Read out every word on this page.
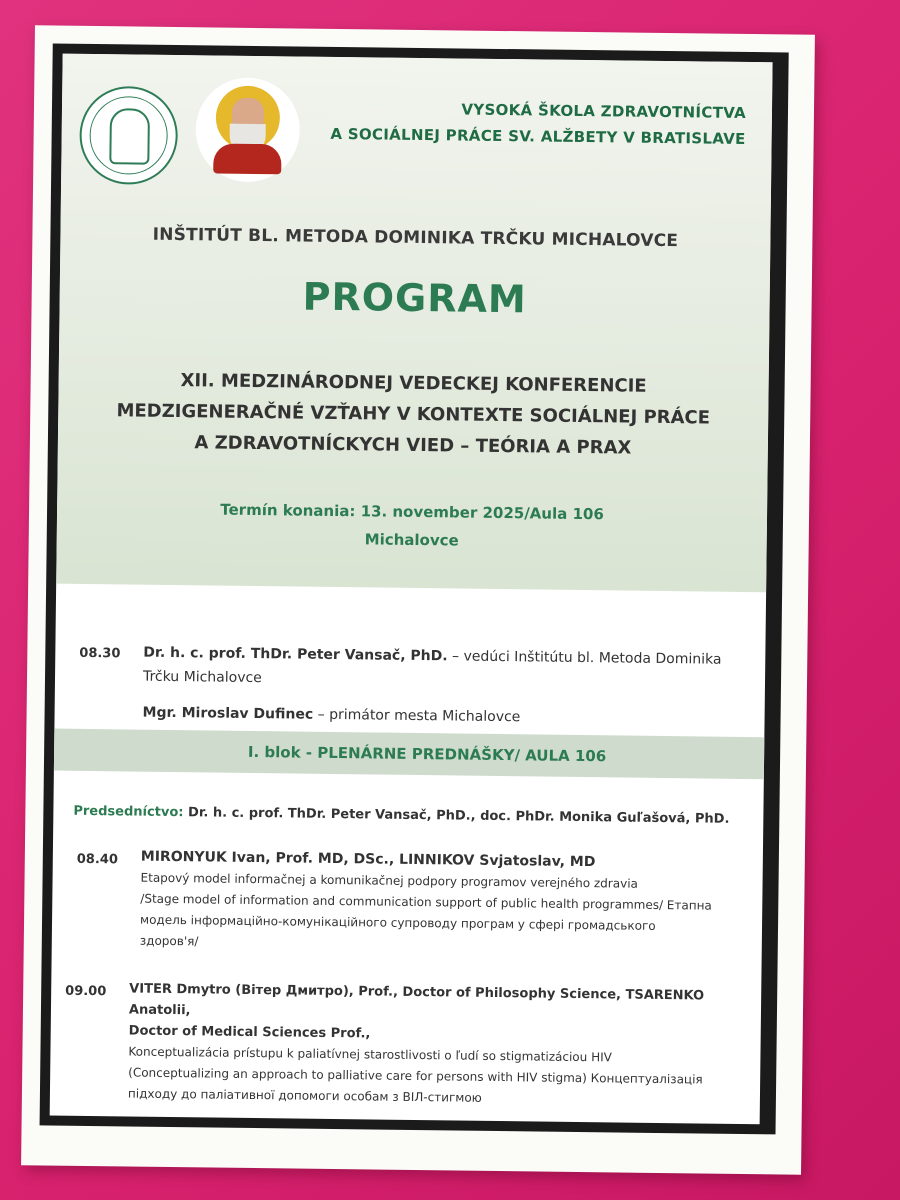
VYSOKÁ ŠKOLA ZDRAVOTNÍCTVA
A SOCIÁLNEJ PRÁCE SV. ALŽBETY V BRATISLAVE
INŠTITÚT BL. METODA DOMINIKA TRČKU MICHALOVCE
PROGRAM
XII. MEDZINÁRODNEJ VEDECKEJ KONFERENCIE
MEDZIGENERAČNÉ VZŤAHY V KONTEXTE SOCIÁLNEJ PRÁCE
A ZDRAVOTNÍCKYCH VIED – TEÓRIA A PRAX
Termín konania: 13. november 2025/Aula 106
Michalovce
08.30 Dr. h. c. prof. ThDr. Peter Vansač, PhD. – vedúci Inštitútu bl. Metoda Dominika
Trčku Michalovce
Mgr. Miroslav Dufinec – primátor mesta Michalovce
I. blok - PLENÁRNE PREDNÁŠKY/ AULA 106
Predsedníctvo: Dr. h. c. prof. ThDr. Peter Vansač, PhD., doc. PhDr. Monika Guľašová, PhD.
08.40 MIRONYUK Ivan, Prof. MD, DSc., LINNIKOV Svjatoslav, MD
Etapový model informačnej a komunikačnej podpory programov verejného zdravia
/Stage model of information and communication support of public health programmes/ Етапна
модель інформаційно-комунікаційного супроводу програм у сфері громадського
здоров'я/
09.00 VITER Dmytro (Вітер Дмитро), Prof., Doctor of Philosophy Science, TSARENKO Anatolii,
Doctor of Medical Sciences Prof.,
Konceptualizácia prístupu k paliatívnej starostlivosti o ľudí so stigmatizáciou HIV
(Conceptualizing an approach to palliative care for persons with HIV stigma) Концептуалізація
підходу до паліативної допомоги особам з ВІЛ-стигмою
